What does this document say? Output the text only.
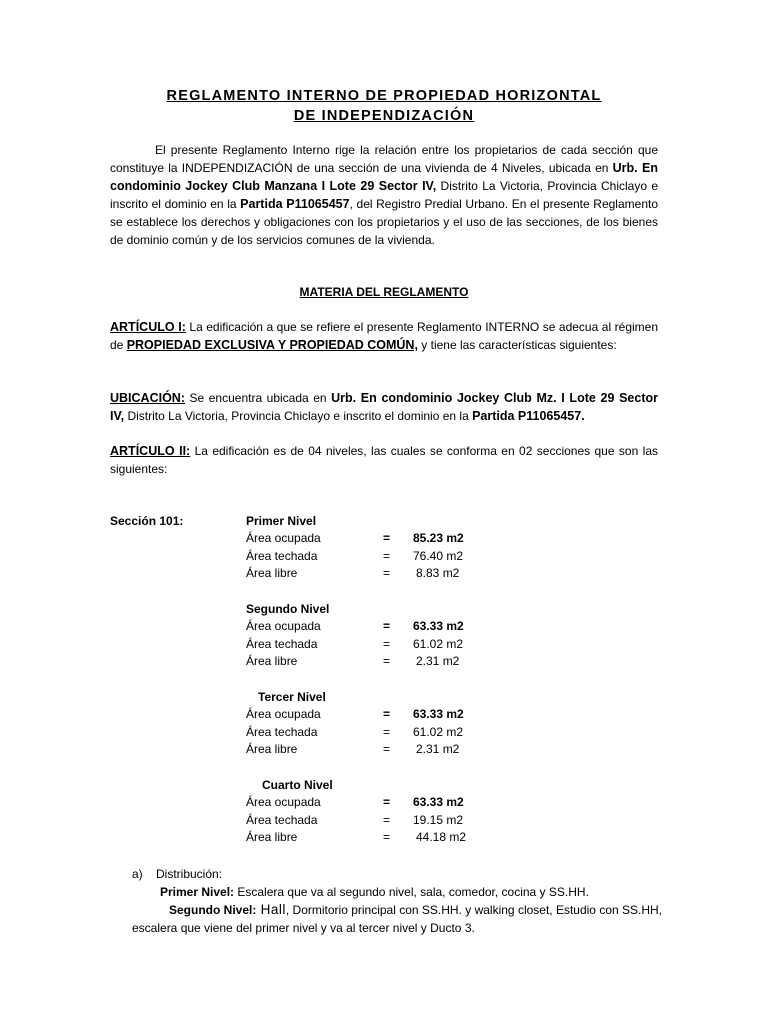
REGLAMENTO INTERNO DE PROPIEDAD HORIZONTAL
DE INDEPENDIZACIÓN
El presente Reglamento Interno rige la relación entre los propietarios de cada sección que constituye la INDEPENDIZACIÓN de una sección de una vivienda de 4 Niveles, ubicada en Urb. En condominio Jockey Club Manzana I Lote 29 Sector IV, Distrito La Victoria, Provincia Chiclayo e inscrito el dominio en la Partida P11065457, del Registro Predial Urbano. En el presente Reglamento se establece los derechos y obligaciones con los propietarios y el uso de las secciones, de los bienes de dominio común y de los servicios comunes de la vivienda.
MATERIA DEL REGLAMENTO
ARTÍCULO I: La edificación a que se refiere el presente Reglamento INTERNO se adecua al régimen de PROPIEDAD EXCLUSIVA Y PROPIEDAD COMÚN, y tiene las características siguientes:
UBICACIÓN: Se encuentra ubicada en Urb. En condominio Jockey Club Mz. I Lote 29 Sector IV, Distrito La Victoria, Provincia Chiclayo e inscrito el dominio en la Partida P11065457.
ARTÍCULO II: La edificación es de 04 niveles, las cuales se conforma en 02 secciones que son las siguientes:
Sección 101:	Primer Nivel
Área ocupada	= 85.23 m2
Área techada	= 76.40 m2
Área libre	= 8.83 m2
Segundo Nivel
Área ocupada	= 63.33 m2
Área techada	= 61.02 m2
Área libre	= 2.31 m2
Tercer Nivel
Área ocupada	= 63.33 m2
Área techada	= 61.02 m2
Área libre	= 2.31 m2
Cuarto Nivel
Área ocupada	= 63.33 m2
Área techada	= 19.15 m2
Área libre	= 44.18 m2
a) Distribución:
Primer Nivel: Escalera que va al segundo nivel, sala, comedor, cocina y SS.HH.
Segundo Nivel: Hall, Dormitorio principal con SS.HH. y walking closet, Estudio con SS.HH,
escalera que viene del primer nivel y va al tercer nivel y Ducto 3.
